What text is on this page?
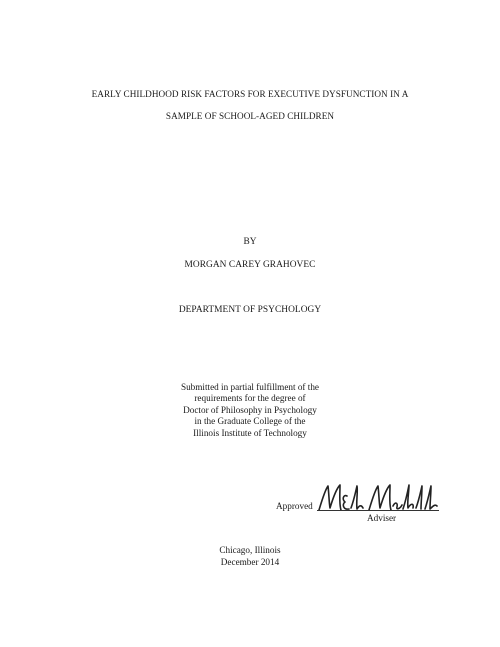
EARLY CHILDHOOD RISK FACTORS FOR EXECUTIVE DYSFUNCTION IN A
SAMPLE OF SCHOOL-AGED CHILDREN
BY
MORGAN CAREY GRAHOVEC
DEPARTMENT OF PSYCHOLOGY
Submitted in partial fulfillment of the
requirements for the degree of
Doctor of Philosophy in Psychology
in the Graduate College of the
Illinois Institute of Technology
Approved
Adviser
Chicago, Illinois
December 2014
